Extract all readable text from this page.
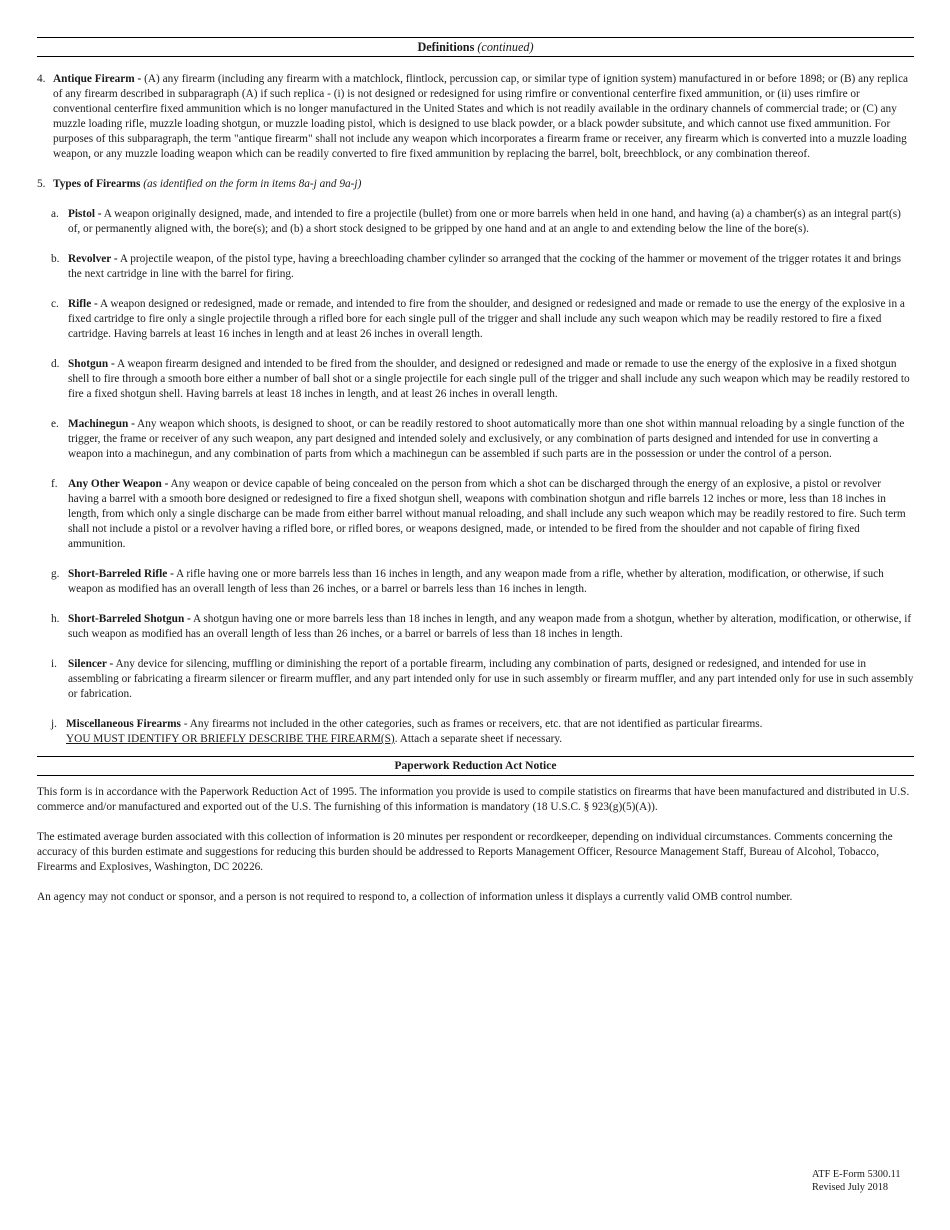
Definitions (continued)
4. Antique Firearm - (A) any firearm (including any firearm with a matchlock, flintlock, percussion cap, or similar type of ignition system) manufactured in or before 1898; or (B) any replica of any firearm described in subparagraph (A) if such replica - (i) is not designed or redesigned for using rimfire or conventional centerfire fixed ammunition, or (ii) uses rimfire or conventional centerfire fixed ammunition which is no longer manufactured in the United States and which is not readily available in the ordinary channels of commercial trade; or (C) any muzzle loading rifle, muzzle loading shotgun, or muzzle loading pistol, which is designed to use black powder, or a black powder subsitute, and which cannot use fixed ammunition. For purposes of this subparagraph, the term "antique firearm" shall not include any weapon which incorporates a firearm frame or receiver, any firearm which is converted into a muzzle loading weapon, or any muzzle loading weapon which can be readily converted to fire fixed ammunition by replacing the barrel, bolt, breechblock, or any combination thereof.
5. Types of Firearms (as identified on the form in items 8a-j and 9a-j)
a. Pistol - A weapon originally designed, made, and intended to fire a projectile (bullet) from one or more barrels when held in one hand, and having (a) a chamber(s) as an integral part(s) of, or permanently aligned with, the bore(s); and (b) a short stock designed to be gripped by one hand and at an angle to and extending below the line of the bore(s).
b. Revolver - A projectile weapon, of the pistol type, having a breechloading chamber cylinder so arranged that the cocking of the hammer or movement of the trigger rotates it and brings the next cartridge in line with the barrel for firing.
c. Rifle - A weapon designed or redesigned, made or remade, and intended to fire from the shoulder, and designed or redesigned and made or remade to use the energy of the explosive in a fixed cartridge to fire only a single projectile through a rifled bore for each single pull of the trigger and shall include any such weapon which may be readily restored to fire a fixed cartridge. Having barrels at least 16 inches in length and at least 26 inches in overall length.
d. Shotgun - A weapon firearm designed and intended to be fired from the shoulder, and designed or redesigned and made or remade to use the energy of the explosive in a fixed shotgun shell to fire through a smooth bore either a number of ball shot or a single projectile for each single pull of the trigger and shall include any such weapon which may be readily restored to fire a fixed shotgun shell. Having barrels at least 18 inches in length, and at least 26 inches in overall length.
e. Machinegun - Any weapon which shoots, is designed to shoot, or can be readily restored to shoot automatically more than one shot within mannual reloading by a single function of the trigger, the frame or receiver of any such weapon, any part designed and intended solely and exclusively, or any combination of parts designed and intended for use in converting a weapon into a machinegun, and any combination of parts from which a machinegun can be assembled if such parts are in the possession or under the control of a person.
f. Any Other Weapon - Any weapon or device capable of being concealed on the person from which a shot can be discharged through the energy of an explosive, a pistol or revolver having a barrel with a smooth bore designed or redesigned to fire a fixed shotgun shell, weapons with combination shotgun and rifle barrels 12 inches or more, less than 18 inches in length, from which only a single discharge can be made from either barrel without manual reloading, and shall include any such weapon which may be readily restored to fire. Such term shall not include a pistol or a revolver having a rifled bore, or rifled bores, or weapons designed, made, or intended to be fired from the shoulder and not capable of firing fixed ammunition.
g. Short-Barreled Rifle - A rifle having one or more barrels less than 16 inches in length, and any weapon made from a rifle, whether by alteration, modification, or otherwise, if such weapon as modified has an overall length of less than 26 inches, or a barrel or barrels less than 16 inches in length.
h. Short-Barreled Shotgun - A shotgun having one or more barrels less than 18 inches in length, and any weapon made from a shotgun, whether by alteration, modification, or otherwise, if such weapon as modified has an overall length of less than 26 inches, or a barrel or barrels of less than 18 inches in length.
i. Silencer - Any device for silencing, muffling or diminishing the report of a portable firearm, including any combination of parts, designed or redesigned, and intended for use in assembling or fabricating a firearm silencer or firearm muffler, and any part intended only for use in such assembly or firearm muffler, and any part intended only for use in such assembly or fabrication.
j. Miscellaneous Firearms - Any firearms not included in the other categories, such as frames or receivers, etc. that are not identified as particular firearms.
YOU MUST IDENTIFY OR BRIEFLY DESCRIBE THE FIREARM(S). Attach a separate sheet if necessary.
Paperwork Reduction Act Notice
This form is in accordance with the Paperwork Reduction Act of 1995. The information you provide is used to compile statistics on firearms that have been manufactured and distributed in U.S. commerce and/or manufactured and exported out of the U.S. The furnishing of this information is mandatory (18 U.S.C. § 923(g)(5)(A)).
The estimated average burden associated with this collection of information is 20 minutes per respondent or recordkeeper, depending on individual circumstances. Comments concerning the accuracy of this burden estimate and suggestions for reducing this burden should be addressed to Reports Management Officer, Resource Management Staff, Bureau of Alcohol, Tobacco, Firearms and Explosives, Washington, DC 20226.
An agency may not conduct or sponsor, and a person is not required to respond to, a collection of information unless it displays a currently valid OMB control number.
ATF E-Form 5300.11
Revised July 2018
